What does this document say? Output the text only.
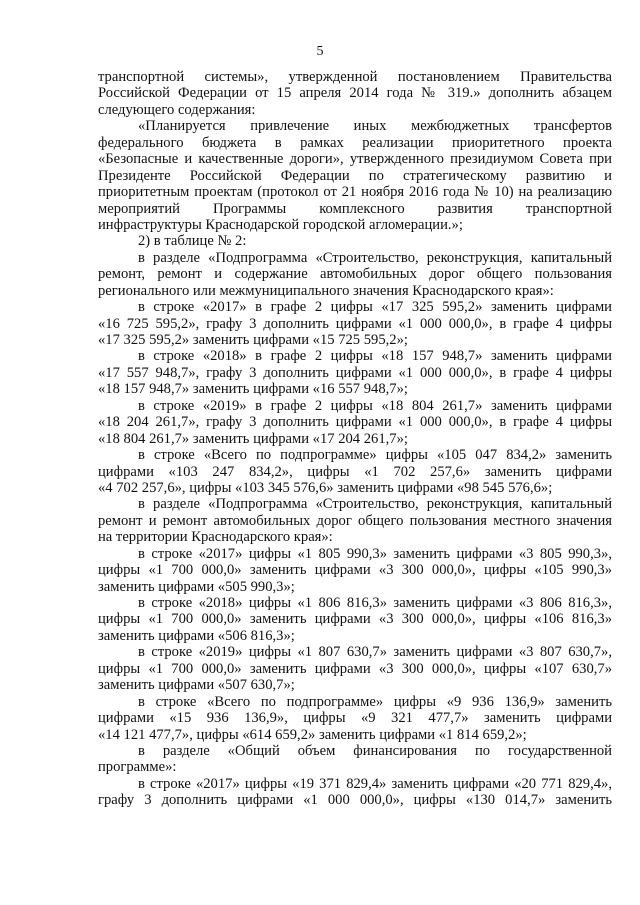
5
транспортной системы», утвержденной постановлением Правительства
Российской Федерации от 15 апреля 2014 года № 319.» дополнить абзацем
следующего содержания:
«Планируется привлечение иных межбюджетных трансфертов
федерального бюджета в рамках реализации приоритетного проекта
«Безопасные и качественные дороги», утвержденного президиумом Совета при
Президенте Российской Федерации по стратегическому развитию и
приоритетным проектам (протокол от 21 ноября 2016 года № 10) на реализацию
мероприятий Программы комплексного развития транспортной
инфраструктуры Краснодарской городской агломерации.»;
2) в таблице № 2:
в разделе «Подпрограмма «Строительство, реконструкция, капитальный
ремонт, ремонт и содержание автомобильных дорог общего пользования
регионального или межмуниципального значения Краснодарского края»:
в строке «2017» в графе 2 цифры «17 325 595,2» заменить цифрами
«16 725 595,2», графу 3 дополнить цифрами «1 000 000,0», в графе 4 цифры
«17 325 595,2» заменить цифрами «15 725 595,2»;
в строке «2018» в графе 2 цифры «18 157 948,7» заменить цифрами
«17 557 948,7», графу 3 дополнить цифрами «1 000 000,0», в графе 4 цифры
«18 157 948,7» заменить цифрами «16 557 948,7»;
в строке «2019» в графе 2 цифры «18 804 261,7» заменить цифрами
«18 204 261,7», графу 3 дополнить цифрами «1 000 000,0», в графе 4 цифры
«18 804 261,7» заменить цифрами «17 204 261,7»;
в строке «Всего по подпрограмме» цифры «105 047 834,2» заменить
цифрами «103 247 834,2», цифры «1 702 257,6» заменить цифрами
«4 702 257,6», цифры «103 345 576,6» заменить цифрами «98 545 576,6»;
в разделе «Подпрограмма «Строительство, реконструкция, капитальный
ремонт и ремонт автомобильных дорог общего пользования местного значения
на территории Краснодарского края»:
в строке «2017» цифры «1 805 990,3» заменить цифрами «3 805 990,3»,
цифры «1 700 000,0» заменить цифрами «3 300 000,0», цифры «105 990,3»
заменить цифрами «505 990,3»;
в строке «2018» цифры «1 806 816,3» заменить цифрами «3 806 816,3»,
цифры «1 700 000,0» заменить цифрами «3 300 000,0», цифры «106 816,3»
заменить цифрами «506 816,3»;
в строке «2019» цифры «1 807 630,7» заменить цифрами «3 807 630,7»,
цифры «1 700 000,0» заменить цифрами «3 300 000,0», цифры «107 630,7»
заменить цифрами «507 630,7»;
в строке «Всего по подпрограмме» цифры «9 936 136,9» заменить
цифрами «15 936 136,9», цифры «9 321 477,7» заменить цифрами
«14 121 477,7», цифры «614 659,2» заменить цифрами «1 814 659,2»;
в разделе «Общий объем финансирования по государственной
программе»:
в строке «2017» цифры «19 371 829,4» заменить цифрами «20 771 829,4»,
графу 3 дополнить цифрами «1 000 000,0», цифры «130 014,7» заменить
